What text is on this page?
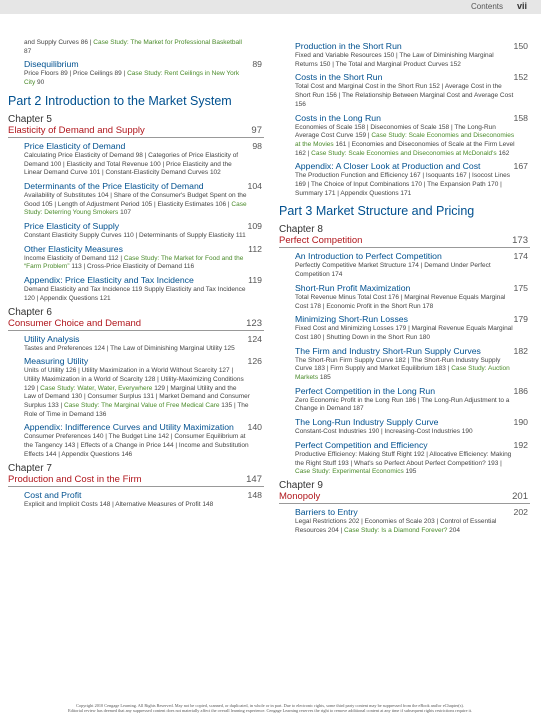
Contents vii
and Supply Curves 86 | Case Study: The Market for Professional Basketball 87
Disequilibrium	89
Price Floors 89 | Price Ceilings 89 | Case Study: Rent Ceilings in New York City 90
Part 2 Introduction to the Market System
Chapter 5
Elasticity of Demand and Supply	97
Price Elasticity of Demand	98
Calculating Price Elasticity of Demand 98 | Categories of Price Elasticity of Demand 100 | Elasticity and Total Revenue 100 | Price Elasticity and the Linear Demand Curve 101 | Constant-Elasticity Demand Curves 102
Determinants of the Price Elasticity of Demand	104
Availability of Substitutes 104 | Share of the Consumer's Budget Spent on the Good 105 | Length of Adjustment Period 105 | Elasticity Estimates 106 | Case Study: Deterring Young Smokers 107
Price Elasticity of Supply	109
Constant Elasticity Supply Curves 110 | Determinants of Supply Elasticity 111
Other Elasticity Measures	112
Income Elasticity of Demand 112 | Case Study: The Market for Food and the “Farm Problem” 113 | Cross-Price Elasticity of Demand 116
Appendix: Price Elasticity and Tax Incidence	119
Demand Elasticity and Tax Incidence 119 Supply Elasticity and Tax Incidence 120 | Appendix Questions 121
Chapter 6
Consumer Choice and Demand	123
Utility Analysis	124
Tastes and Preferences 124 | The Law of Diminishing Marginal Utility 125
Measuring Utility	126
Units of Utility 126 | Utility Maximization in a World Without Scarcity 127 | Utility Maximization in a World of Scarcity 128 | Utility-Maximizing Conditions 129 | Case Study: Water, Water, Everywhere 129 | Marginal Utility and the Law of Demand 130 | Consumer Surplus 131 | Market Demand and Consumer Surplus 133 | Case Study: The Marginal Value of Free Medical Care 135 | The Role of Time in Demand 136
Appendix: Indifference Curves and Utility Maximization 140
Consumer Preferences 140 | The Budget Line 142 | Consumer Equilibrium at the Tangency 143 | Effects of a Change in Price 144 | Income and Substitution Effects 144 | Appendix Questions 146
Chapter 7
Production and Cost in the Firm	147
Cost and Profit	148
Explicit and Implicit Costs 148 | Alternative Measures of Profit 148
Production in the Short Run	150
Fixed and Variable Resources 150 | The Law of Diminishing Marginal Returns 150 | The Total and Marginal Product Curves 152
Costs in the Short Run	152
Total Cost and Marginal Cost in the Short Run 152 | Average Cost in the Short Run 156 | The Relationship Between Marginal Cost and Average Cost 156
Costs in the Long Run	158
Economies of Scale 158 | Diseconomies of Scale 158 | The Long-Run Average Cost Curve 159 | Case Study: Scale Economies and Diseconomies at the Movies 161 | Economies and Diseconomies of Scale at the Firm Level 162 | Case Study: Scale Economies and Diseconomies at McDonald's 162
Appendix: A Closer Look at Production and Cost	167
The Production Function and Efficiency 167 | Isoquants 167 | Isocost Lines 169 | The Choice of Input Combinations 170 | The Expansion Path 170 | Summary 171 | Appendix Questions 171
Part 3 Market Structure and Pricing
Chapter 8
Perfect Competition	173
An Introduction to Perfect Competition	174
Perfectly Competitive Market Structure 174 | Demand Under Perfect Competition 174
Short-Run Profit Maximization	175
Total Revenue Minus Total Cost 176 | Marginal Revenue Equals Marginal Cost 178 | Economic Profit in the Short Run 178
Minimizing Short-Run Losses	179
Fixed Cost and Minimizing Losses 179 | Marginal Revenue Equals Marginal Cost 180 | Shutting Down in the Short Run 180
The Firm and Industry Short-Run Supply Curves	182
The Short-Run Firm Supply Curve 182 | The Short-Run Industry Supply Curve 183 | Firm Supply and Market Equilibrium 183 | Case Study: Auction Markets 185
Perfect Competition in the Long Run	186
Zero Economic Profit in the Long Run 186 | The Long-Run Adjustment to a Change in Demand 187
The Long-Run Industry Supply Curve	190
Constant-Cost Industries 190 | Increasing-Cost Industries 190
Perfect Competition and Efficiency	192
Productive Efficiency: Making Stuff Right 192 | Allocative Efficiency: Making the Right Stuff 193 | What's so Perfect About Perfect Competition? 193 | Case Study: Experimental Economics 195
Chapter 9
Monopoly	201
Barriers to Entry	202
Legal Restrictions 202 | Economies of Scale 203 | Control of Essential Resources 204 | Case Study: Is a Diamond Forever? 204
Copyright 2010 Cengage Learning. All Rights Reserved. May not be copied, scanned, or duplicated, in whole or in part. Due to electronic rights, some third party content may be suppressed from the eBook and/or eChapter(s).
Editorial review has deemed that any suppressed content does not materially affect the overall learning experience. Cengage Learning reserves the right to remove additional content at any time if subsequent rights restrictions require it.
